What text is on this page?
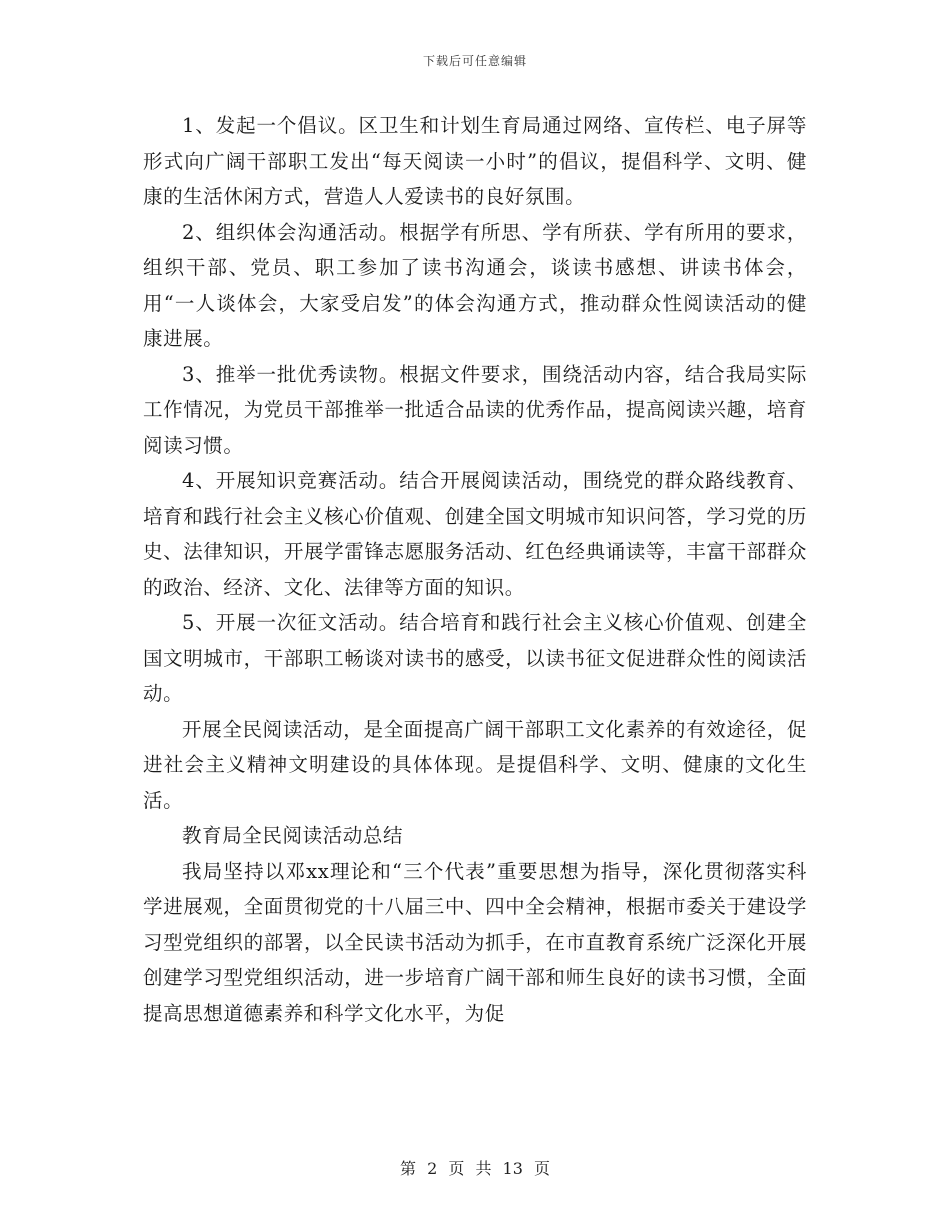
下载后可任意编辑

1、发起一个倡议。区卫生和计划生育局通过网络、宣传栏、电子屏等形式向广阔干部职工发出“每天阅读一小时”的倡议，提倡科学、文明、健康的生活休闲方式，营造人人爱读书的良好氛围。

2、组织体会沟通活动。根据学有所思、学有所获、学有所用的要求，组织干部、党员、职工参加了读书沟通会，谈读书感想、讲读书体会，用“一人谈体会，大家受启发”的体会沟通方式，推动群众性阅读活动的健康进展。

3、推举一批优秀读物。根据文件要求，围绕活动内容，结合我局实际工作情况，为党员干部推举一批适合品读的优秀作品，提高阅读兴趣，培育阅读习惯。

4、开展知识竞赛活动。结合开展阅读活动，围绕党的群众路线教育、培育和践行社会主义核心价值观、创建全国文明城市知识问答，学习党的历史、法律知识，开展学雷锋志愿服务活动、红色经典诵读等，丰富干部群众的政治、经济、文化、法律等方面的知识。

5、开展一次征文活动。结合培育和践行社会主义核心价值观、创建全国文明城市，干部职工畅谈对读书的感受，以读书征文促进群众性的阅读活动。

开展全民阅读活动，是全面提高广阔干部职工文化素养的有效途径，促进社会主义精神文明建设的具体体现。是提倡科学、文明、健康的文化生活。

教育局全民阅读活动总结

我局坚持以邓xx理论和“三个代表”重要思想为指导，深化贯彻落实科学进展观，全面贯彻党的十八届三中、四中全会精神，根据市委关于建设学习型党组织的部署，以全民读书活动为抓手，在市直教育系统广泛深化开展创建学习型党组织活动，进一步培育广阔干部和师生良好的读书习惯，全面提高思想道德素养和科学文化水平，为促

第 2 页 共 13 页
